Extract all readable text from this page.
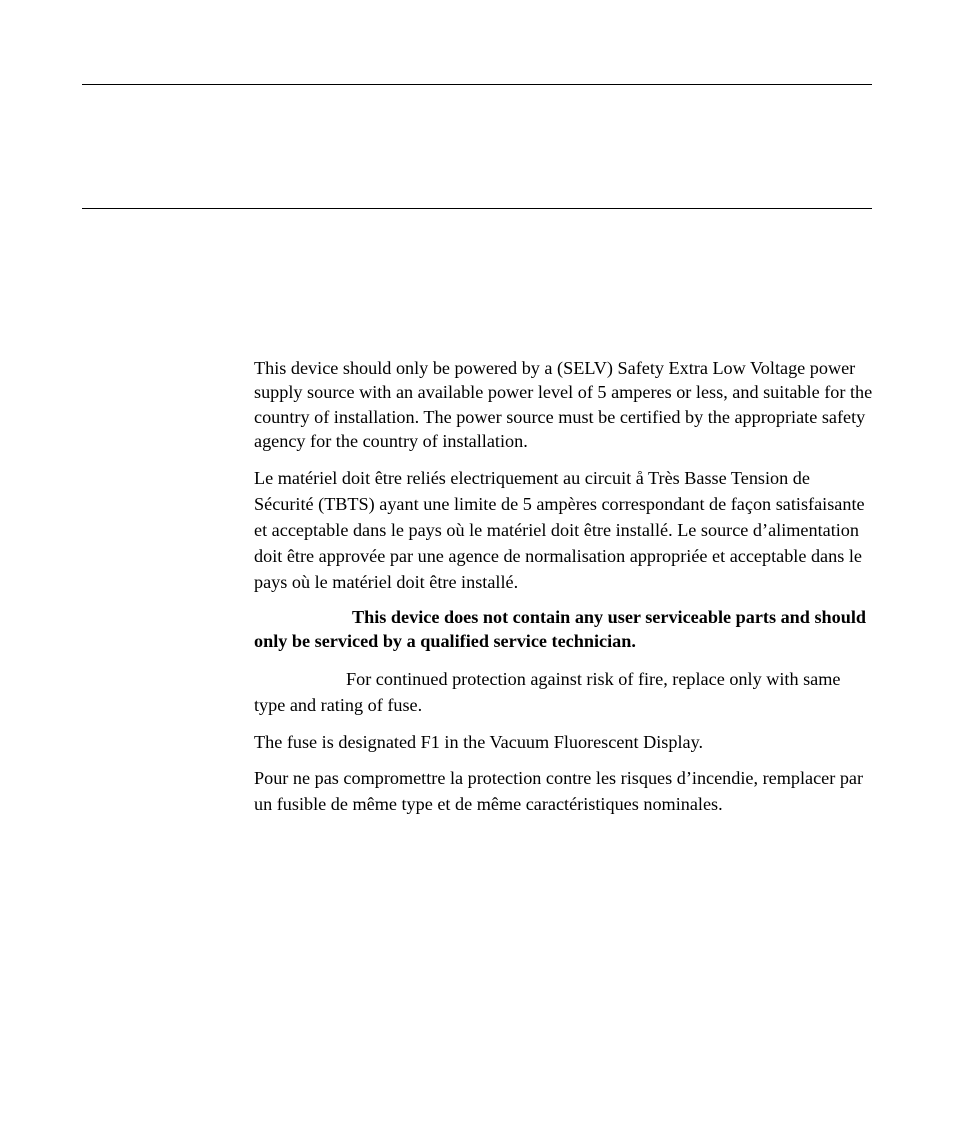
This device should only be powered by a (SELV) Safety Extra Low Voltage power supply source with an available power level of 5 amperes or less, and suitable for the country of installation. The power source must be certified by the appropriate safety agency for the country of installation.

Le matériel doit être reliés electriquement au circuit å Très Basse Tension de Sécurité (TBTS) ayant une limite de 5 ampères correspondant de façon satisfaisante et acceptable dans le pays où le matériel doit être installé. Le source d’alimentation doit être approvée par une agence de normalisation appropriée et acceptable dans le pays où le matériel doit être installé.

This device does not contain any user serviceable parts and should only be serviced by a qualified service technician.

For continued protection against risk of fire, replace only with same type and rating of fuse.

The fuse is designated F1 in the Vacuum Fluorescent Display.

Pour ne pas compromettre la protection contre les risques d’incendie, remplacer par un fusible de même type et de même caractéristiques nominales.
